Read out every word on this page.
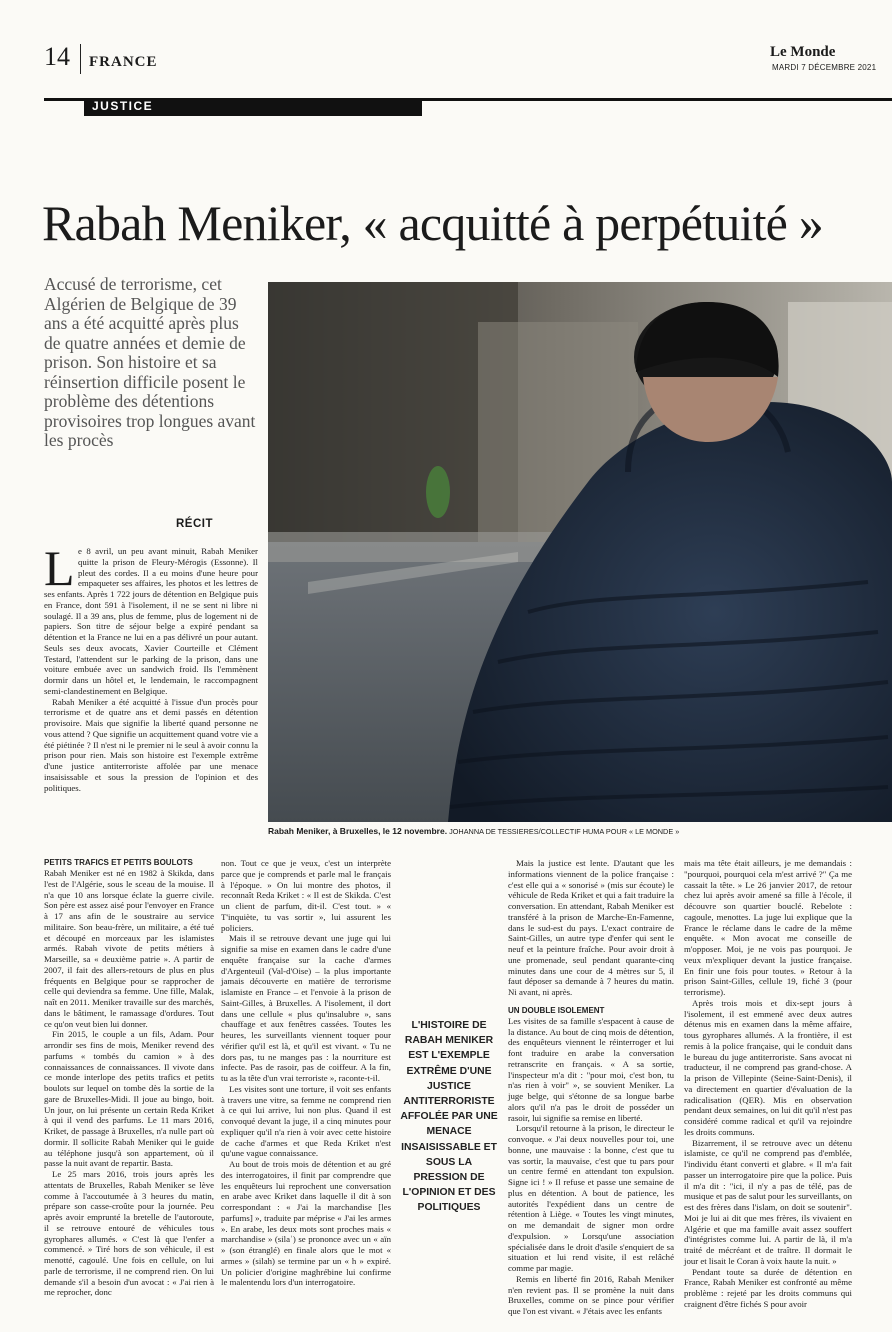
14 FRANCE
Le Monde
MARDI 7 DÉCEMBRE 2021
JUSTICE
Rabah Meniker, « acquitté à perpétuité »
Accusé de terrorisme, cet Algérien de Belgique de 39 ans a été acquitté après plus de quatre années et demie de prison. Son histoire et sa réinsertion difficile posent le problème des détentions provisoires trop longues avant les procès
RÉCIT
Rabah Meniker, à Bruxelles, le 12 novembre. JOHANNA DE TESSIERES/COLLECTIF HUMA POUR « LE MONDE »
L e 8 avril, un peu avant minuit, Rabah Meniker quitte la prison de Fleury-Mérogis (Essonne). Il pleut des cordes. Il a eu moins d'une heure pour empaqueter ses affaires, les photos et les lettres de ses enfants. Après 1 722 jours de détention en Belgique puis en France, dont 591 à l'isolement, il ne se sent ni libre ni soulagé. Il a 39 ans, plus de femme, plus de logement ni de papiers. Son titre de séjour belge a expiré pendant sa détention et la France ne lui en a pas délivré un pour autant. Seuls ses deux avocats, Xavier Courteille et Clément Testard, l'attendent sur le parking de la prison, dans une voiture embuée avec un sandwich froid. Ils l'emmènent dormir dans un hôtel et, le lendemain, le raccompagnent semi-clandestinement en Belgique.

Rabah Meniker a été acquitté à l'issue d'un procès pour terrorisme et de quatre ans et demi passés en détention provisoire. Mais que signifie la liberté quand personne ne vous attend ? Que signifie un acquittement quand votre vie a été piétinée ? Il n'est ni le premier ni le seul à avoir connu la prison pour rien. Mais son histoire est l'exemple extrême d'une justice antiterroriste affolée par une menace insaisissable et sous la pression de l'opinion et des politiques.

PETITS TRAFICS ET PETITS BOULOTS

Rabah Meniker est né en 1982 à Skikda, dans l'est de l'Algérie, sous le sceau de la mouise. Il n'a que 10 ans lorsque éclate la guerre civile. Son père est assez aisé pour l'envoyer en France à 17 ans afin de le soustraire au service militaire. Son beau-frère, un militaire, a été tué et découpé en morceaux par les islamistes armés. Rabah vivote de petits métiers à Marseille, sa « deuxième patrie ». A partir de 2007, il fait des allers-retours de plus en plus fréquents en Belgique pour se rapprocher de celle qui deviendra sa femme. Une fille, Malak, naît en 2011. Meniker travaille sur des marchés, dans le bâtiment, le ramassage d'ordures. Tout ce qu'on veut bien lui donner.

Fin 2015, le couple a un fils, Adam. Pour arrondir ses fins de mois, Meniker revend des parfums « tombés du camion » à des connaissances de connaissances. Il vivote dans ce monde interlope des petits trafics et petits boulots sur lequel on tombe dès la sortie de la gare de Bruxelles-Midi. Il joue au bingo, boit. Un jour, on lui présente un certain Reda Kriket à qui il vend des parfums. Le 11 mars 2016, Kriket, de passage à Bruxelles, n'a nulle part où dormir. Il sollicite Rabah Meniker qui le guide au téléphone jusqu'à son appartement, où il passe la nuit avant de repartir. Basta.

Le 25 mars 2016, trois jours après les attentats de Bruxelles, Rabah Meniker se lève comme à l'accoutumée à 3 heures du matin, prépare son casse-croûte pour la journée. Peu après avoir emprunté la bretelle de l'autoroute, il se retrouve entouré de véhicules tous gyrophares allumés. « C'est là que l'enfer a commencé. » Tiré hors de son véhicule, il est menotté, cagoulé. Une fois en cellule, on lui parle de terrorisme, il ne comprend rien. On lui demande s'il a besoin d'un avocat : « J'ai rien à me reprocher, donc

non. Tout ce que je veux, c'est un interprète parce que je comprends et parle mal le français à l'époque. » On lui montre des photos, il reconnaît Reda Kriket : « Il est de Skikda. C'est un client de parfum, dit-il. C'est tout. » « T'inquiète, tu vas sortir », lui assurent les policiers.

Mais il se retrouve devant une juge qui lui signifie sa mise en examen dans le cadre d'une enquête française sur la cache d'armes d'Argenteuil (Val-d'Oise) – la plus importante jamais découverte en matière de terrorisme islamiste en France – et l'envoie à la prison de Saint-Gilles, à Bruxelles. A l'isolement, il dort dans une cellule « plus qu'insalubre », sans chauffage et aux fenêtres cassées. Toutes les heures, les surveillants viennent toquer pour vérifier qu'il est là, et qu'il est vivant. « Tu ne dors pas, tu ne manges pas : la nourriture est infecte. Pas de rasoir, pas de coiffeur. A la fin, tu as la tête d'un vrai terroriste », raconte-t-il.

Les visites sont une torture, il voit ses enfants à travers une vitre, sa femme ne comprend rien à ce qui lui arrive, lui non plus. Quand il est convoqué devant la juge, il a cinq minutes pour expliquer qu'il n'a rien à voir avec cette histoire de cache d'armes et que Reda Kriket n'est qu'une vague connaissance.

Au bout de trois mois de détention et au gré des interrogatoires, il finit par comprendre que les enquêteurs lui reprochent une conversation en arabe avec Kriket dans laquelle il dit à son correspondant : « J'ai la marchandise [les parfums] », traduite par méprise « J'ai les armes ». En arabe, les deux mots sont proches mais « marchandise » (silaʿ) se prononce avec un « aïn » (son étranglé) en finale alors que le mot « armes » (silah) se termine par un « h » expiré. Un policier d'origine maghrébine lui confirme le malentendu lors d'un interrogatoire.

L'HISTOIRE DE RABAH MENIKER EST L'EXEMPLE EXTRÊME D'UNE JUSTICE ANTITERRORISTE AFFOLÉE PAR UNE MENACE INSAISISSABLE ET SOUS LA PRESSION DE L'OPINION ET DES POLITIQUES

Mais la justice est lente. D'autant que les informations viennent de la police française : c'est elle qui a « sonorisé » (mis sur écoute) le véhicule de Reda Kriket et qui a fait traduire la conversation. En attendant, Rabah Meniker est transféré à la prison de Marche-En-Famenne, dans le sud-est du pays. L'exact contraire de Saint-Gilles, un autre type d'enfer qui sent le neuf et la peinture fraîche. Pour avoir droit à une promenade, seul pendant quarante-cinq minutes dans une cour de 4 mètres sur 5, il faut déposer sa demande à 7 heures du matin. Ni avant, ni après.

UN DOUBLE ISOLEMENT

Les visites de sa famille s'espacent à cause de la distance. Au bout de cinq mois de détention, des enquêteurs viennent le réinterroger et lui font traduire en arabe la conversation retranscrite en français. « A sa sortie, l'inspecteur m'a dit : "pour moi, c'est bon, tu n'as rien à voir" », se souvient Meniker. La juge belge, qui s'étonne de sa longue barbe alors qu'il n'a pas le droit de posséder un rasoir, lui signifie sa remise en liberté.

Lorsqu'il retourne à la prison, le directeur le convoque. « J'ai deux nouvelles pour toi, une bonne, une mauvaise : la bonne, c'est que tu vas sortir, la mauvaise, c'est que tu pars pour un centre fermé en attendant ton expulsion. Signe ici ! » Il refuse et passe une semaine de plus en détention. A bout de patience, les autorités l'expédient dans un centre de rétention à Liège. « Toutes les vingt minutes, on me demandait de signer mon ordre d'expulsion. » Lorsqu'une association spécialisée dans le droit d'asile s'enquiert de sa situation et lui rend visite, il est relâché comme par magie.

Remis en liberté fin 2016, Rabah Meniker n'en revient pas. Il se promène la nuit dans Bruxelles, comme on se pince pour vérifier que l'on est vivant. « J'étais avec les enfants

mais ma tête était ailleurs, je me demandais : "pourquoi, pourquoi cela m'est arrivé ?" Ça me cassait la tête. » Le 26 janvier 2017, de retour chez lui après avoir amené sa fille à l'école, il découvre son quartier bouclé. Rebelote : cagoule, menottes. La juge lui explique que la France le réclame dans le cadre de la même enquête. « Mon avocat me conseille de m'opposer. Moi, je ne vois pas pourquoi. Je veux m'expliquer devant la justice française. En finir une fois pour toutes. » Retour à la prison Saint-Gilles, cellule 19, fiché 3 (pour terrorisme).

Après trois mois et dix-sept jours à l'isolement, il est emmené avec deux autres détenus mis en examen dans la même affaire, tous gyrophares allumés. A la frontière, il est remis à la police française, qui le conduit dans le bureau du juge antiterroriste. Sans avocat ni traducteur, il ne comprend pas grand-chose. A la prison de Villepinte (Seine-Saint-Denis), il va directement en quartier d'évaluation de la radicalisation (QER). Mis en observation pendant deux semaines, on lui dit qu'il n'est pas considéré comme radical et qu'il va rejoindre les droits communs.

Bizarrement, il se retrouve avec un détenu islamiste, ce qu'il ne comprend pas d'emblée, l'individu étant converti et glabre. « Il m'a fait passer un interrogatoire pire que la police. Puis il m'a dit : "ici, il n'y a pas de télé, pas de musique et pas de salut pour les surveillants, on est des frères dans l'islam, on doit se soutenir". Moi je lui ai dit que mes frères, ils vivaient en Algérie et que ma famille avait assez souffert d'intégristes comme lui. A partir de là, il m'a traité de mécréant et de traître. Il dormait le jour et lisait le Coran à voix haute la nuit. »

Pendant toute sa durée de détention en France, Rabah Meniker est confronté au même problème : rejeté par les droits communs qui craignent d'être fichés S pour avoir
